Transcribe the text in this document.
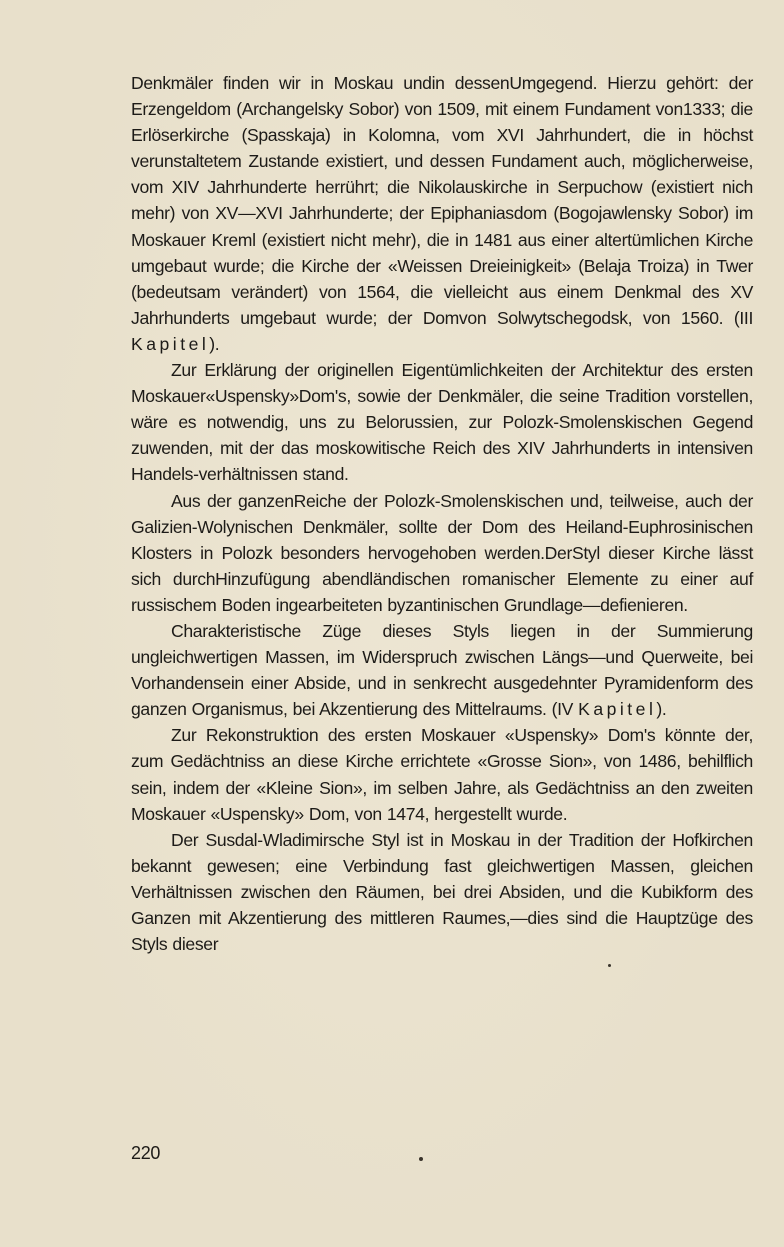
Denkmäler finden wir in Moskau undin dessenUmgegend. Hierzu gehört: der Erzengeldom (Archangelsky Sobor) von 1509, mit einem Fundament von1333; die Erlöserkirche (Spasskaja) in Kolomna, vom XVI Jahrhundert, die in höchst verunstaltetem Zustande existiert, und dessen Fundament auch, möglicherweise, vom XIV Jahrhunderte herrührt; die Nikolauskirche in Serpuchow (existiert nich mehr) von XV—XVI Jahrhunderte; der Epiphaniasdom (Bogojawlensky Sobor) im Moskauer Kreml (existiert nicht mehr), die in 1481 aus einer altertümlichen Kirche umgebaut wurde; die Kirche der «Weissen Dreieinigkeit» (Belaja Troiza) in Twer (bedeutsam verändert) von 1564, die vielleicht aus einem Denkmal des XV Jahrhunderts umgebaut wurde; der Domvon Solwytschegodsk, von 1560. (III Kapitel).

Zur Erklärung der originellen Eigentümlichkeiten der Architektur des ersten Moskauer«Uspensky»Dom's, sowie der Denkmäler, die seine Tradition vorstellen, wäre es notwendig, uns zu Belorussien, zur Polozk-Smolenskischen Gegend zuwenden, mit der das moskowitische Reich des XIV Jahrhunderts in intensiven Handels-verhältnissen stand.

Aus der ganzenReiche der Polozk-Smolenskischen und, teilweise, auch der Galizien-Wolynischen Denkmäler, sollte der Dom des Heiland-Euphrosinischen Klosters in Polozk besonders hervogehoben werden.DerStyl dieser Kirche lässt sich durchHinzufügung abendländischen romanischer Elemente zu einer auf russischem Boden ingearbeiteten byzantinischen Grundlage—defienieren.

Charakteristische Züge dieses Styls liegen in der Summierung ungleichwertigen Massen, im Widerspruch zwischen Längs—und Querweite, bei Vorhandensein einer Abside, und in senkrecht ausgedehnter Pyramidenform des ganzen Organismus, bei Akzentierung des Mittelraums. (IV Kapitel).

Zur Rekonstruktion des ersten Moskauer «Uspensky» Dom's könnte der, zum Gedächtniss an diese Kirche errichtete «Grosse Sion», von 1486, behilflich sein, indem der «Kleine Sion», im selben Jahre, als Gedächtniss an den zweiten Moskauer «Uspensky» Dom, von 1474, hergestellt wurde.

Der Susdal-Wladimirsche Styl ist in Moskau in der Tradition der Hofkirchen bekannt gewesen; eine Verbindung fast gleichwertigen Massen, gleichen Verhältnissen zwischen den Räumen, bei drei Absiden, und die Kubikform des Ganzen mit Akzentierung des mittleren Raumes,—dies sind die Hauptzüge des Styls dieser

220
